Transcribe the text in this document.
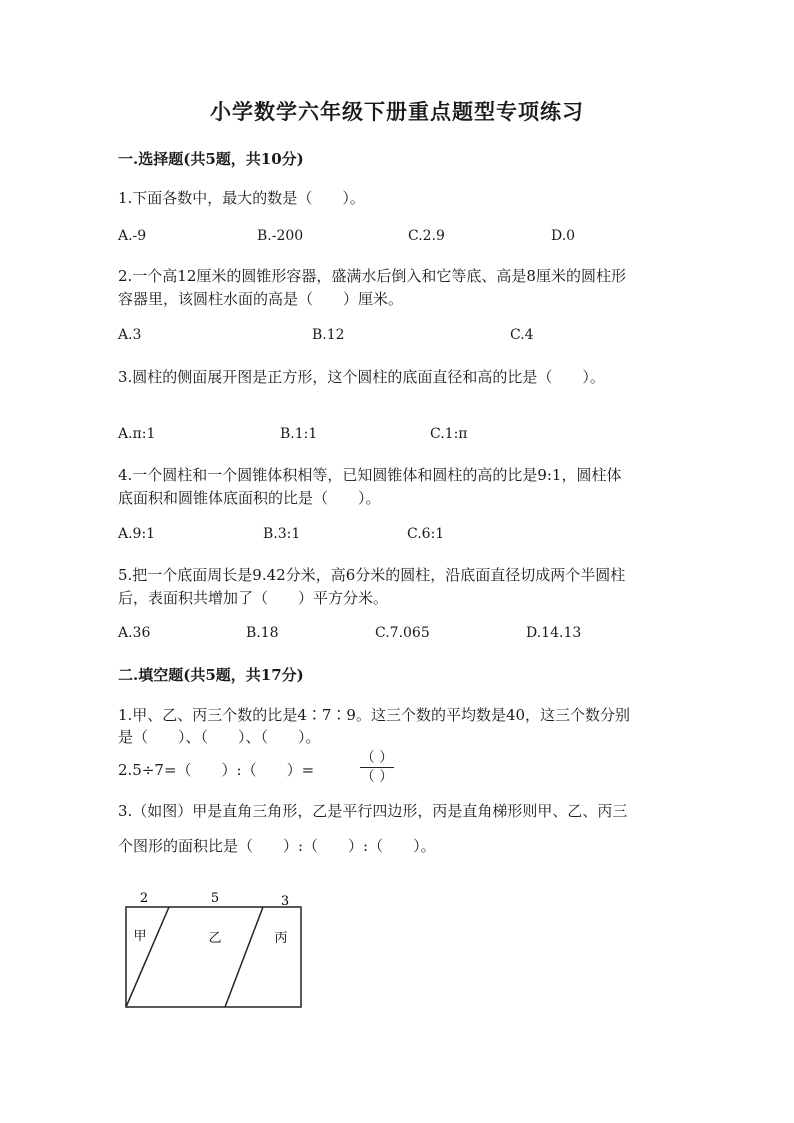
小学数学六年级下册重点题型专项练习
一.选择题(共5题，共10分)
1.下面各数中，最大的数是（　　）。
A.-9	B.-200	C.2.9	D.0
2.一个高12厘米的圆锥形容器，盛满水后倒入和它等底、高是8厘米的圆柱形
容器里，该圆柱水面的高是（　　）厘米。
A.3	B.12	C.4
3.圆柱的侧面展开图是正方形，这个圆柱的底面直径和高的比是（　　）。
A.π:1	B.1:1	C.1:π
4.一个圆柱和一个圆锥体积相等，已知圆锥体和圆柱的高的比是9:1，圆柱体
底面积和圆锥体底面积的比是（　　）。
A.9:1	B.3:1	C.6:1
5.把一个底面周长是9.42分米，高6分米的圆柱，沿底面直径切成两个半圆柱
后，表面积共增加了（　　）平方分米。
A.36	B.18	C.7.065	D.14.13
二.填空题(共5题，共17分)
1.甲、乙、丙三个数的比是4∶7∶9。这三个数的平均数是40，这三个数分别
是（　　）、（　　）、（　　）。
2.5÷7=（　　）:（　　）=
（ ）
（ ）
3.（如图）甲是直角三角形，乙是平行四边形，丙是直角梯形则甲、乙、丙三
个图形的面积比是（　　）:（　　）:（　　）。
2	5	3
甲	乙	丙
